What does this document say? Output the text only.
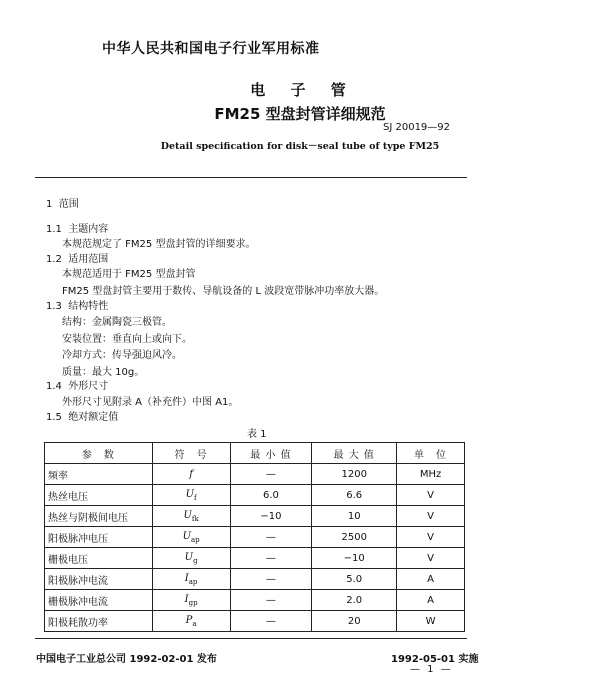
中华人民共和国电子行业军用标准
电 子 管
FM25 型盘封管详细规范
SJ 20019—92
Detail specification for disk－seal tube of type FM25
1 范围
1.1 主题内容
本规范规定了 FM25 型盘封管的详细要求。
1.2 适用范围
本规范适用于 FM25 型盘封管
FM25 型盘封管主要用于数传、导航设备的 L 波段宽带脉冲功率放大器。
1.3 结构特性
结构：金属陶瓷三极管。
安装位置：垂直向上或向下。
冷却方式：传导强迫风冷。
质量：最大 10g。
1.4 外形尺寸
外形尺寸见附录 A（补充件）中图 A1。
1.5 绝对额定值
表 1
参　数	符　号	最 小 值	最 大 值	单　位
频率	f	—	1200	MHz
热丝电压	$U_f$	6.0	6.6	V
热丝与阴极间电压	$U_{fk}$	−10	10	V
阳极脉冲电压	$U_{ap}$	—	2500	V
栅极电压	$U_g$	—	−10	V
阳极脉冲电流	$I_{ap}$	—	5.0	A
栅极脉冲电流	$I_{gp}$	—	2.0	A
阳极耗散功率	$P_a$	—	20	W
中国电子工业总公司 1992-02-01 发布	1992-05-01 实施
— 1 —
